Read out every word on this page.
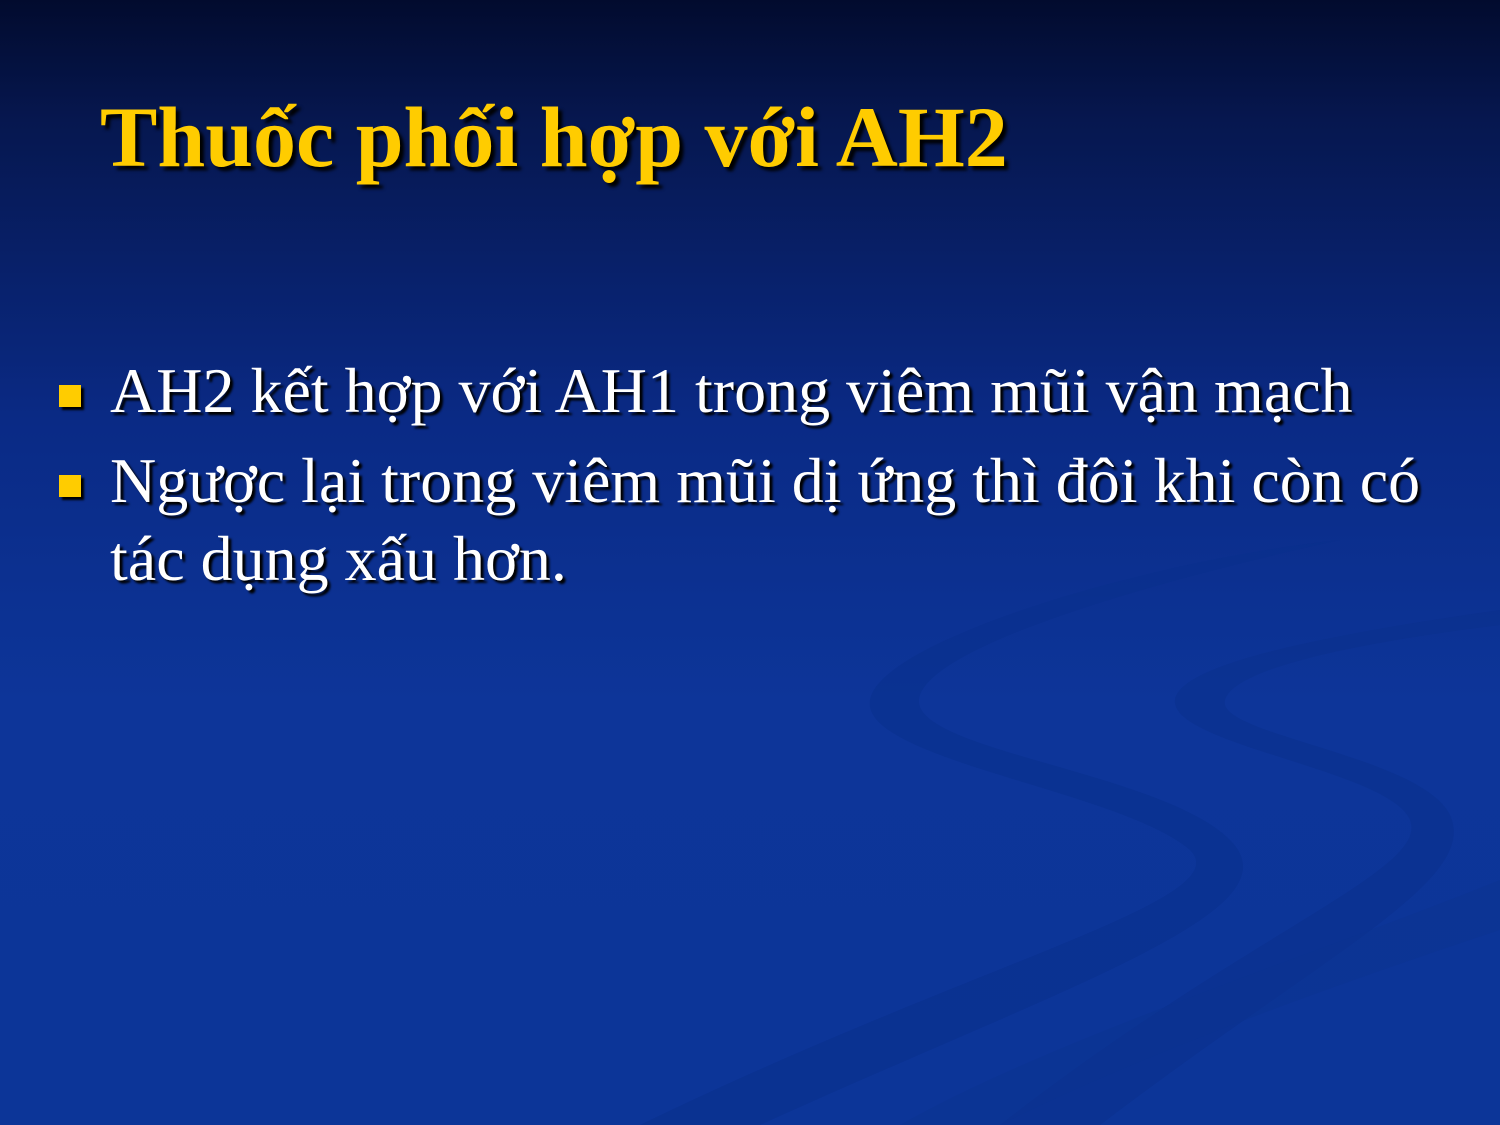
Thuốc phối hợp với AH2
AH2 kết hợp với AH1 trong viêm mũi vận mạch
Ngược lại trong viêm mũi dị ứng thì đôi khi còn có tác dụng xấu hơn.
